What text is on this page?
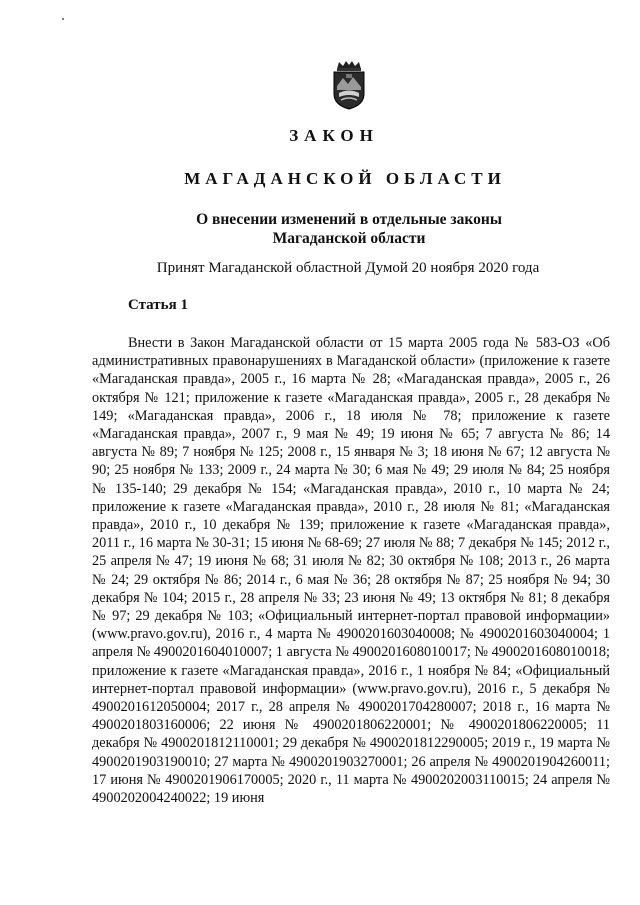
ЗАКОН
МАГАДАНСКОЙ ОБЛАСТИ
О внесении изменений в отдельные законы
Магаданской области
Принят Магаданской областной Думой 20 ноября 2020 года
Статья 1

Внести в Закон Магаданской области от 15 марта 2005 года № 583-ОЗ «Об административных правонарушениях в Магаданской области» (приложение к газете «Магаданская правда», 2005 г., 16 марта № 28; «Магаданская правда», 2005 г., 26 октября № 121; приложение к газете «Магаданская правда», 2005 г., 28 декабря № 149; «Магаданская правда», 2006 г., 18 июля № 78; приложение к газете «Магаданская правда», 2007 г., 9 мая № 49; 19 июня № 65; 7 августа № 86; 14 августа № 89; 7 ноября № 125; 2008 г., 15 января № 3; 18 июня № 67; 12 августа № 90; 25 ноября № 133; 2009 г., 24 марта № 30; 6 мая № 49; 29 июля № 84; 25 ноября № 135-140; 29 декабря № 154; «Магаданская правда», 2010 г., 10 марта № 24; приложение к газете «Магаданская правда», 2010 г., 28 июля № 81; «Магаданская правда», 2010 г., 10 декабря № 139; приложение к газете «Магаданская правда», 2011 г., 16 марта № 30-31; 15 июня № 68-69; 27 июля № 88; 7 декабря № 145; 2012 г., 25 апреля № 47; 19 июня № 68; 31 июля № 82; 30 октября № 108; 2013 г., 26 марта № 24; 29 октября № 86; 2014 г., 6 мая № 36; 28 октября № 87; 25 ноября № 94; 30 декабря № 104; 2015 г., 28 апреля № 33; 23 июня № 49; 13 октября № 81; 8 декабря № 97; 29 декабря № 103; «Официальный интернет-портал правовой информации» (www.pravo.gov.ru), 2016 г., 4 марта № 4900201603040008; № 4900201603040004; 1 апреля № 4900201604010007; 1 августа № 4900201608010017; № 4900201608010018; приложение к газете «Магаданская правда», 2016 г., 1 ноября № 84; «Официальный интернет-портал правовой информации» (www.pravo.gov.ru), 2016 г., 5 декабря № 4900201612050004; 2017 г., 28 апреля № 4900201704280007; 2018 г., 16 марта № 4900201803160006; 22 июня № 4900201806220001; № 4900201806220005; 11 декабря № 4900201812110001; 29 декабря № 4900201812290005; 2019 г., 19 марта № 4900201903190010; 27 марта № 4900201903270001; 26 апреля № 4900201904260011; 17 июня № 4900201906170005; 2020 г., 11 марта № 4900202003110015; 24 апреля № 4900202004240022; 19 июня
